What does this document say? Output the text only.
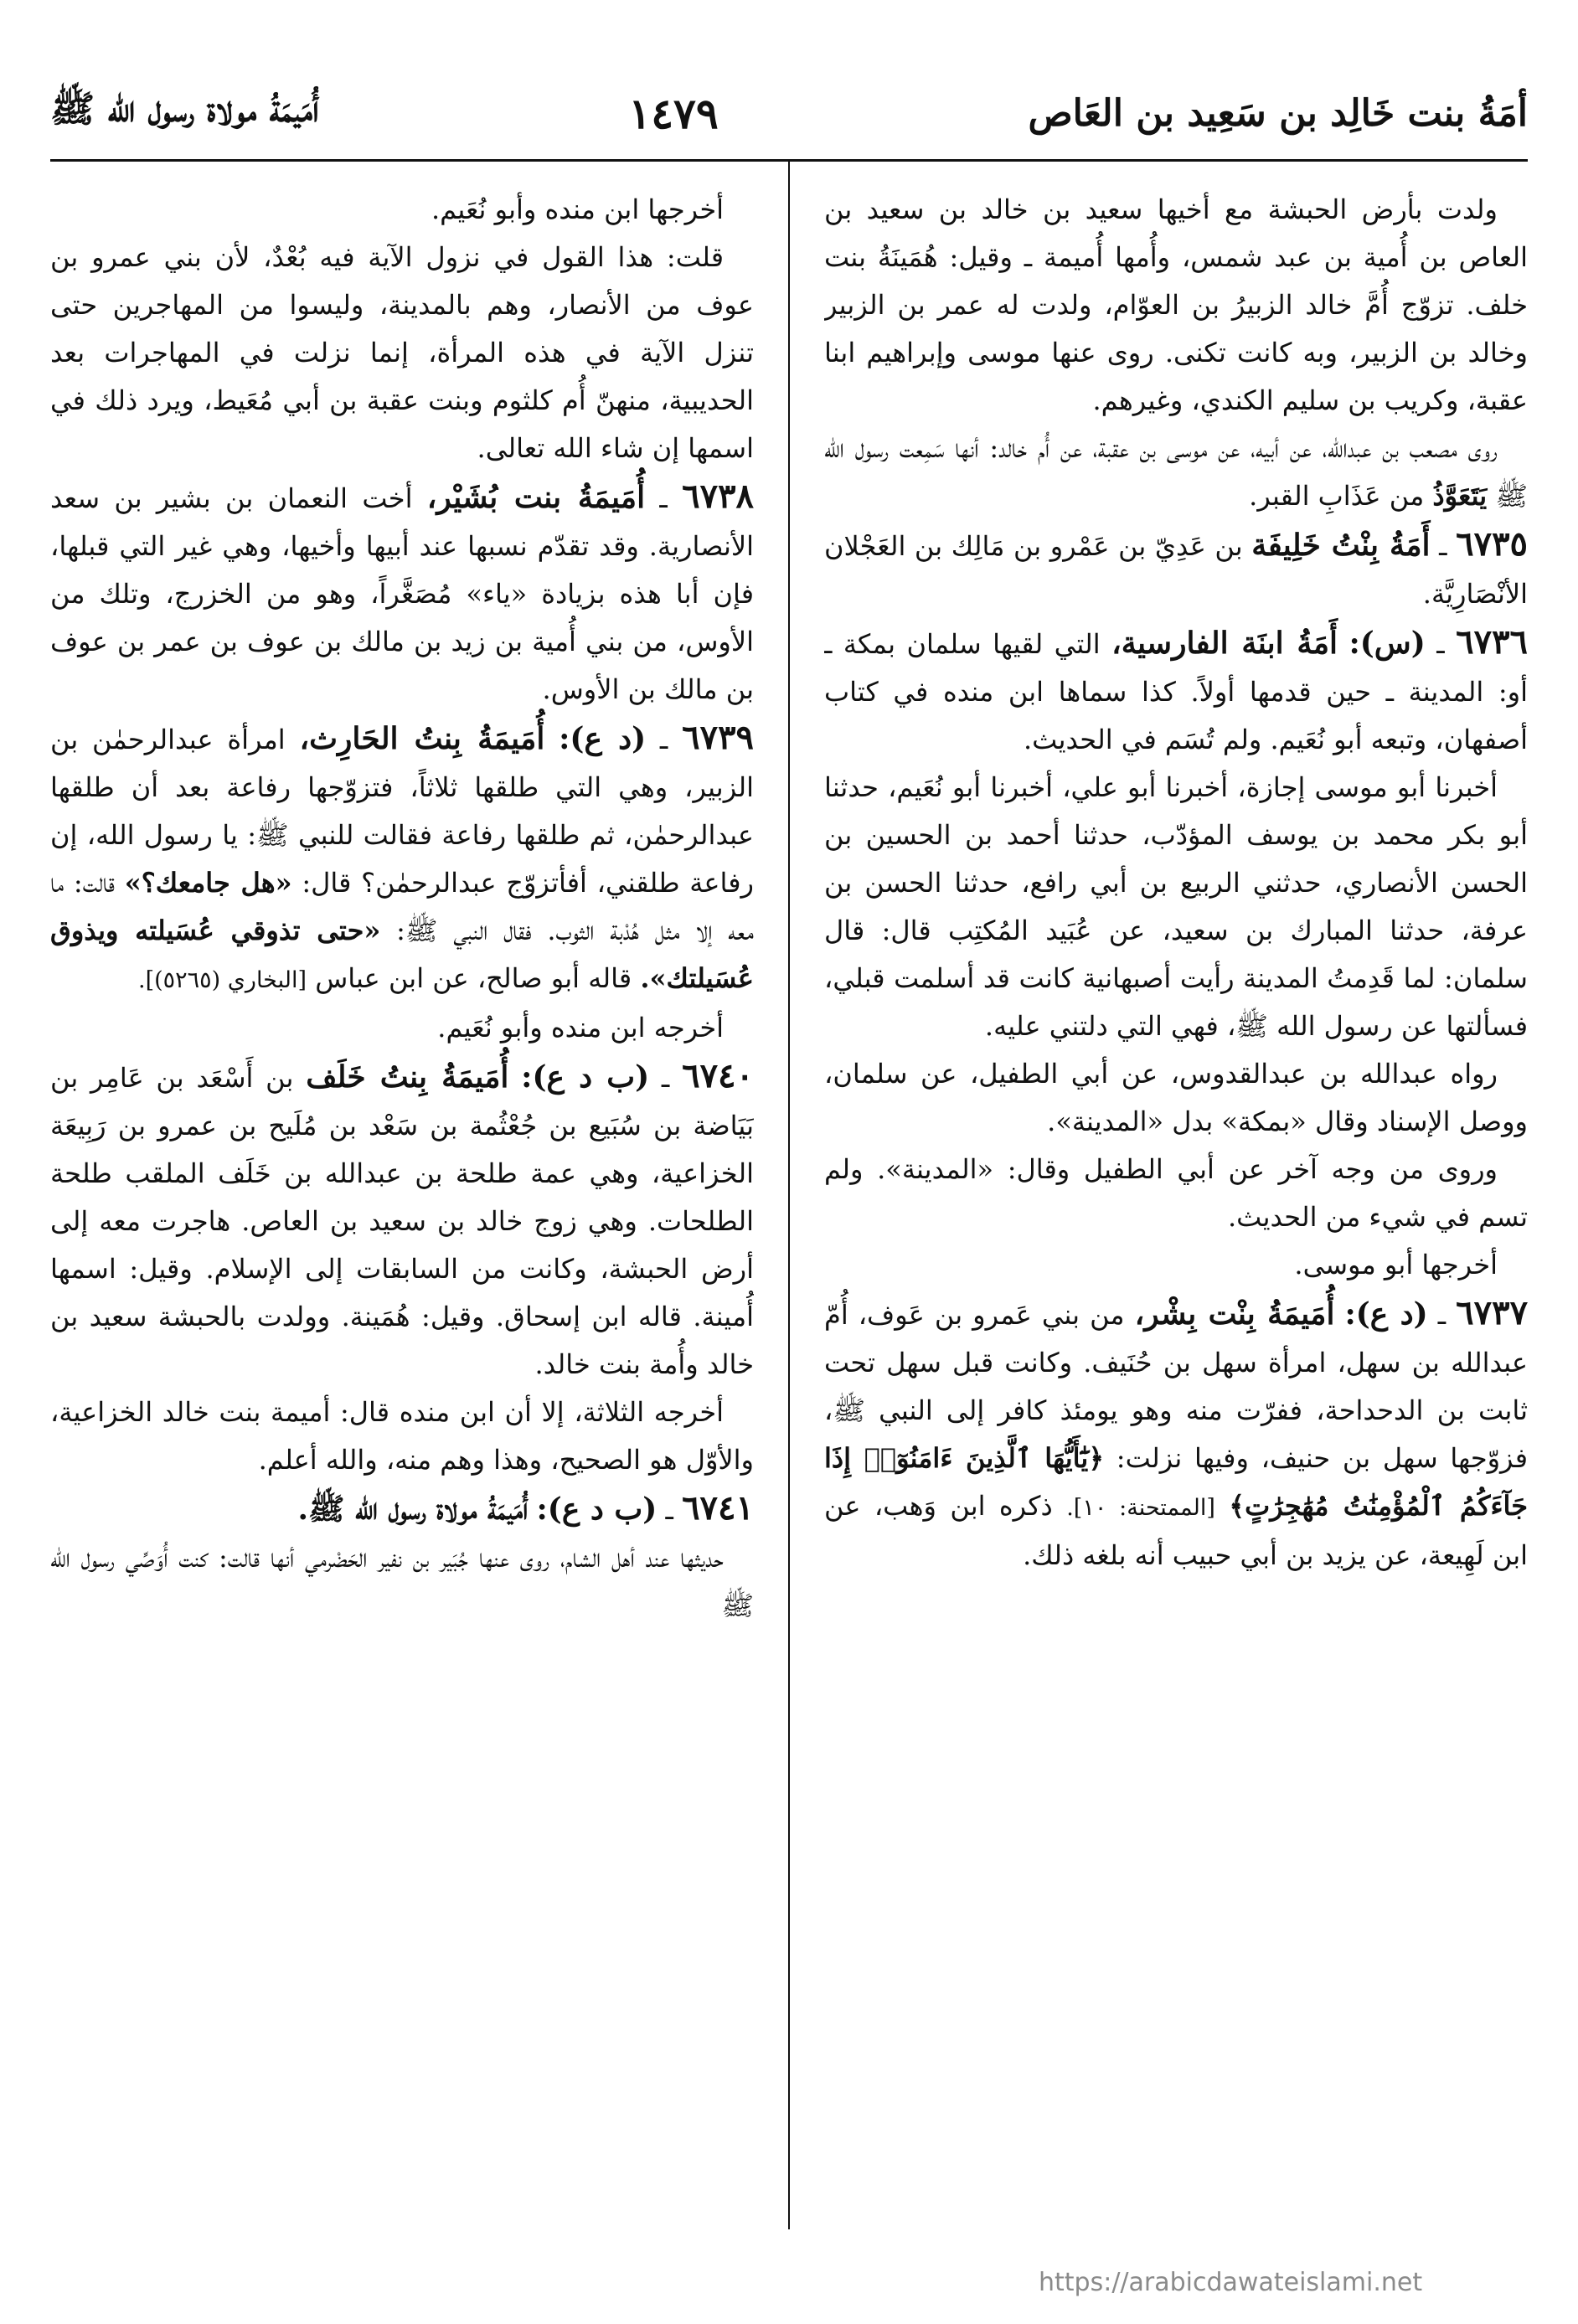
أمَةُ بنت خَالِد بن سَعِيد بن العَاص
١٤٧٩
أُمَيمَةُ مولاة رسول الله ﷺ

ولدت بأرض الحبشة مع أخيها سعيد بن خالد بن سعيد بن العاص بن أُمية بن عبد شمس، وأُمها أُميمة ـ وقيل: هُمَينَةُ بنت خلف. تزوّج أُمَّ خالد الزبيرُ بن العوّام، ولدت له عمر بن الزبير وخالد بن الزبير، وبه كانت تكنى. روى عنها موسى وإبراهيم ابنا عقبة، وكريب بن سليم الكندي، وغيرهم.

روى مصعب بن عبدالله، عن أبيه، عن موسى بن عقبة، عن أُم خالد: أنها سَمِعت رسول الله ﷺ يَتَعَوَّذُ من عَذَابِ القبر.

٦٧٣٥ ـ أَمَةُ بِنْتُ خَلِيفَة بن عَدِيّ بن عَمْرو بن مَالِك بن العَجْلان الأنْصَارِيَّة.

٦٧٣٦ ـ (س): أَمَةُ ابنَة الفارسية، التي لقيها سلمان بمكة ـ أو: المدينة ـ حين قدمها أولاً. كذا سماها ابن منده في كتاب أصفهان، وتبعه أبو نُعَيم. ولم تُسَم في الحديث.

أخبرنا أبو موسى إجازة، أخبرنا أبو علي، أخبرنا أبو نُعَيم، حدثنا أبو بكر محمد بن يوسف المؤدّب، حدثنا أحمد بن الحسين بن الحسن الأنصاري، حدثني الربيع بن أبي رافع، حدثنا الحسن بن عرفة، حدثنا المبارك بن سعيد، عن عُبَيد المُكتِب قال: قال سلمان: لما قَدِمتُ المدينة رأيت أصبهانية كانت قد أسلمت قبلي، فسألتها عن رسول الله ﷺ، فهي التي دلتني عليه.

رواه عبدالله بن عبدالقدوس، عن أبي الطفيل، عن سلمان، ووصل الإسناد وقال «بمكة» بدل «المدينة».

وروى من وجه آخر عن أبي الطفيل وقال: «المدينة». ولم تسم في شيء من الحديث.

أخرجها أبو موسى.

٦٧٣٧ ـ (د ع): أُمَيمَةُ بِنْت بِشْر، من بني عَمرو بن عَوف، أُمّ عبدالله بن سهل، امرأة سهل بن حُنَيف. وكانت قبل سهل تحت ثابت بن الدحداحة، ففرّت منه وهو يومئذ كافر إلى النبي ﷺ، فزوّجها سهل بن حنيف، وفيها نزلت: ﴿يَٰٓأَيُّهَا ٱلَّذِينَ ءَامَنُوٓا۟ إِذَا جَآءَكُمُ ٱلْمُؤْمِنَٰتُ مُهَٰجِرَٰتٍ﴾ [الممتحنة: ١٠]. ذكره ابن وَهب، عن ابن لَهِيعة، عن يزيد بن أبي حبيب أنه بلغه ذلك.

أخرجها ابن منده وأبو نُعَيم.

قلت: هذا القول في نزول الآية فيه بُعْدٌ، لأن بني عمرو بن عوف من الأنصار، وهم بالمدينة، وليسوا من المهاجرين حتى تنزل الآية في هذه المرأة، إنما نزلت في المهاجرات بعد الحديبية، منهنّ أُم كلثوم وبنت عقبة بن أبي مُعَيط، ويرد ذلك في اسمها إن شاء الله تعالى.

٦٧٣٨ ـ أُمَيمَةُ بنت بُشَيْر، أخت النعمان بن بشير بن سعد الأنصارية. وقد تقدّم نسبها عند أبيها وأخيها، وهي غير التي قبلها، فإن أبا هذه بزيادة «ياء» مُصَغَّراً، وهو من الخزرج، وتلك من الأوس، من بني أُمية بن زيد بن مالك بن عوف بن عمر بن عوف بن مالك بن الأوس.

٦٧٣٩ ـ (د ع): أُمَيمَةُ بِنتُ الحَارِث، امرأة عبدالرحمٰن بن الزبير، وهي التي طلقها ثلاثاً، فتزوّجها رفاعة بعد أن طلقها عبدالرحمٰن، ثم طلقها رفاعة فقالت للنبي ﷺ: يا رسول الله، إن رفاعة طلقني، أفأتزوّج عبدالرحمٰن؟ قال: «هل جامعك؟» قالت: ما معه إلا مثل هُدْبة الثوب. فقال النبي ﷺ: «حتى تذوقي عُسَيلته ويذوق عُسَيلتك». قاله أبو صالح، عن ابن عباس [البخاري (٥٢٦٥)].

أخرجه ابن منده وأبو نُعَيم.

٦٧٤٠ ـ (ب د ع): أُمَيمَةُ بِنتُ خَلَف بن أَسْعَد بن عَامِر بن بَيَاضة بن سُبَيع بن جُعْثُمة بن سَعْد بن مُلَيح بن عمرو بن رَبِيعَة الخزاعية، وهي عمة طلحة بن عبدالله بن خَلَف الملقب طلحة الطلحات. وهي زوج خالد بن سعيد بن العاص. هاجرت معه إلى أرض الحبشة، وكانت من السابقات إلى الإسلام. وقيل: اسمها أُمينة. قاله ابن إسحاق. وقيل: هُمَينة. وولدت بالحبشة سعيد بن خالد وأُمة بنت خالد.

أخرجه الثلاثة، إلا أن ابن منده قال: أميمة بنت خالد الخزاعية، والأوّل هو الصحيح، وهذا وهم منه، والله أعلم.

٦٧٤١ ـ (ب د ع): أُمَيمَةُ مولاة رسول الله ﷺ.

حديثها عند أهل الشام، روى عنها جُبَير بن نفير الحَضْرمي أنها قالت: كنت أُوَصِّي رسول الله ﷺ

https://arabicdawateislami.net
